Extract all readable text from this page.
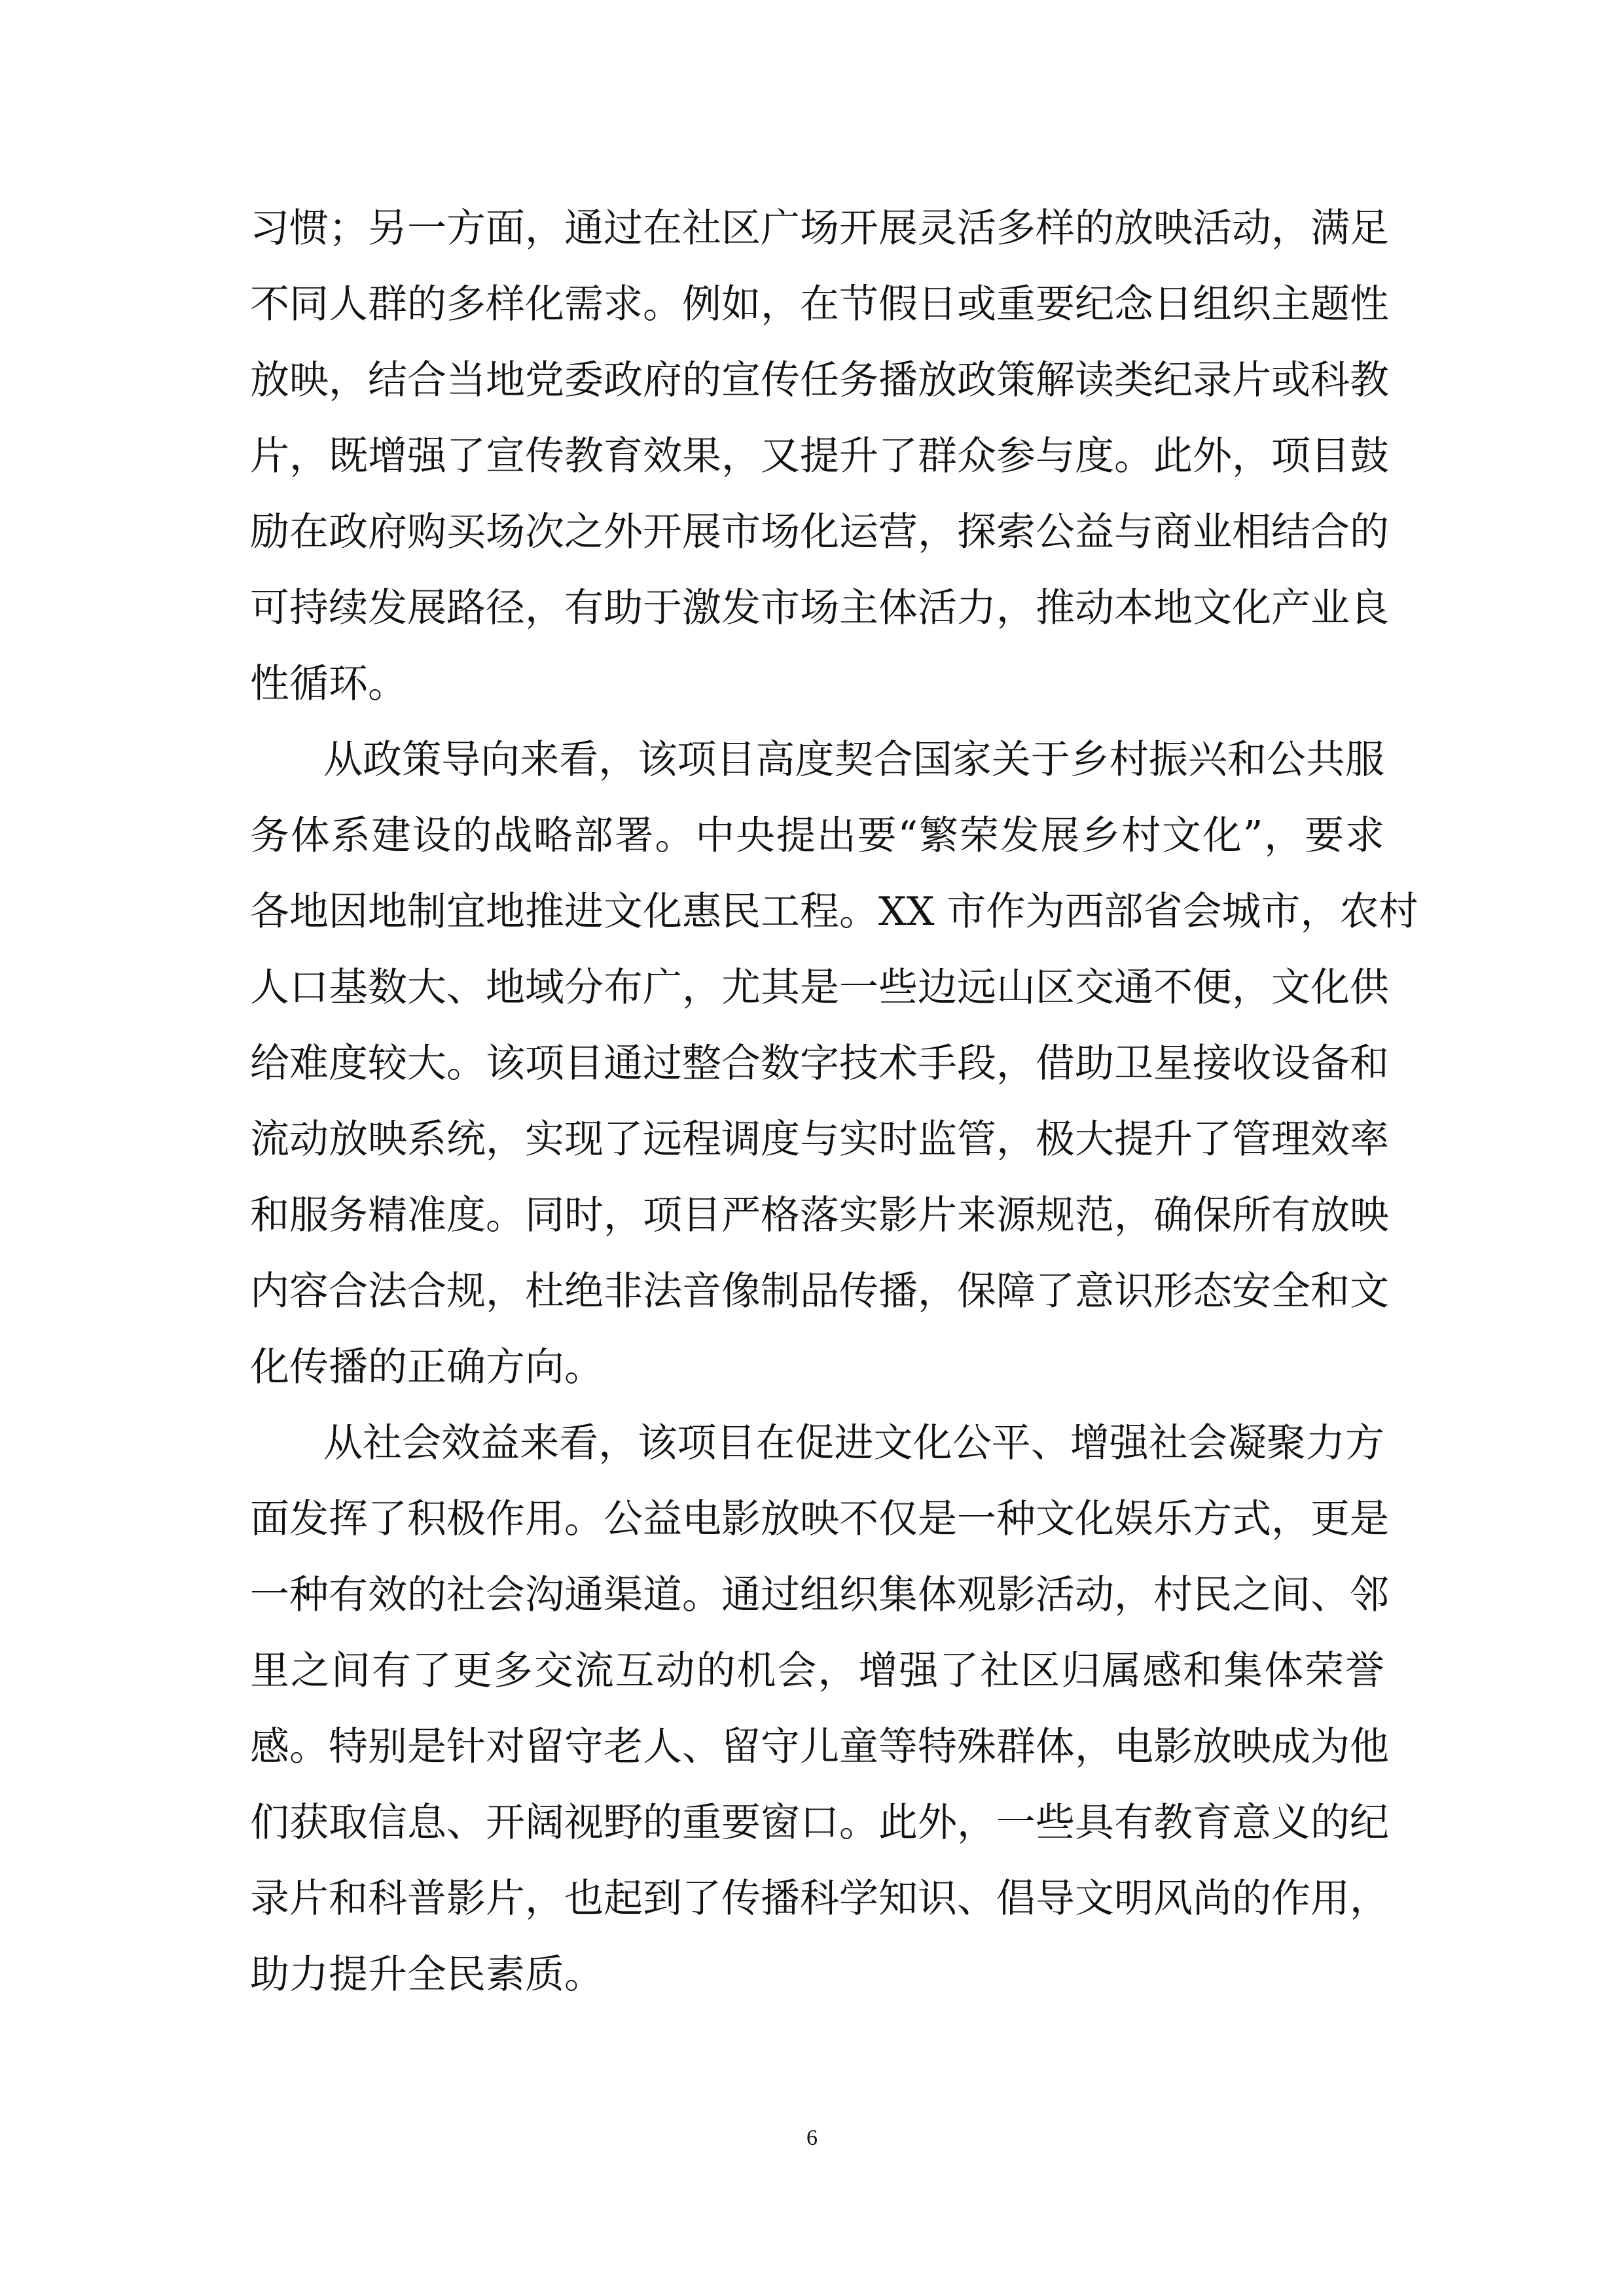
习惯；另一方面，通过在社区广场开展灵活多样的放映活动，满足
不同人群的多样化需求。例如，在节假日或重要纪念日组织主题性
放映，结合当地党委政府的宣传任务播放政策解读类纪录片或科教
片，既增强了宣传教育效果，又提升了群众参与度。此外，项目鼓
励在政府购买场次之外开展市场化运营，探索公益与商业相结合的
可持续发展路径，有助于激发市场主体活力，推动本地文化产业良
性循环。
从政策导向来看，该项目高度契合国家关于乡村振兴和公共服
务体系建设的战略部署。中央提出要“繁荣发展乡村文化”，要求
各地因地制宜地推进文化惠民工程。XX 市作为西部省会城市，农村
人口基数大、地域分布广，尤其是一些边远山区交通不便，文化供
给难度较大。该项目通过整合数字技术手段，借助卫星接收设备和
流动放映系统，实现了远程调度与实时监管，极大提升了管理效率
和服务精准度。同时，项目严格落实影片来源规范，确保所有放映
内容合法合规，杜绝非法音像制品传播，保障了意识形态安全和文
化传播的正确方向。
从社会效益来看，该项目在促进文化公平、增强社会凝聚力方
面发挥了积极作用。公益电影放映不仅是一种文化娱乐方式，更是
一种有效的社会沟通渠道。通过组织集体观影活动，村民之间、邻
里之间有了更多交流互动的机会，增强了社区归属感和集体荣誉
感。特别是针对留守老人、留守儿童等特殊群体，电影放映成为他
们获取信息、开阔视野的重要窗口。此外，一些具有教育意义的纪
录片和科普影片，也起到了传播科学知识、倡导文明风尚的作用，
助力提升全民素质。
6
